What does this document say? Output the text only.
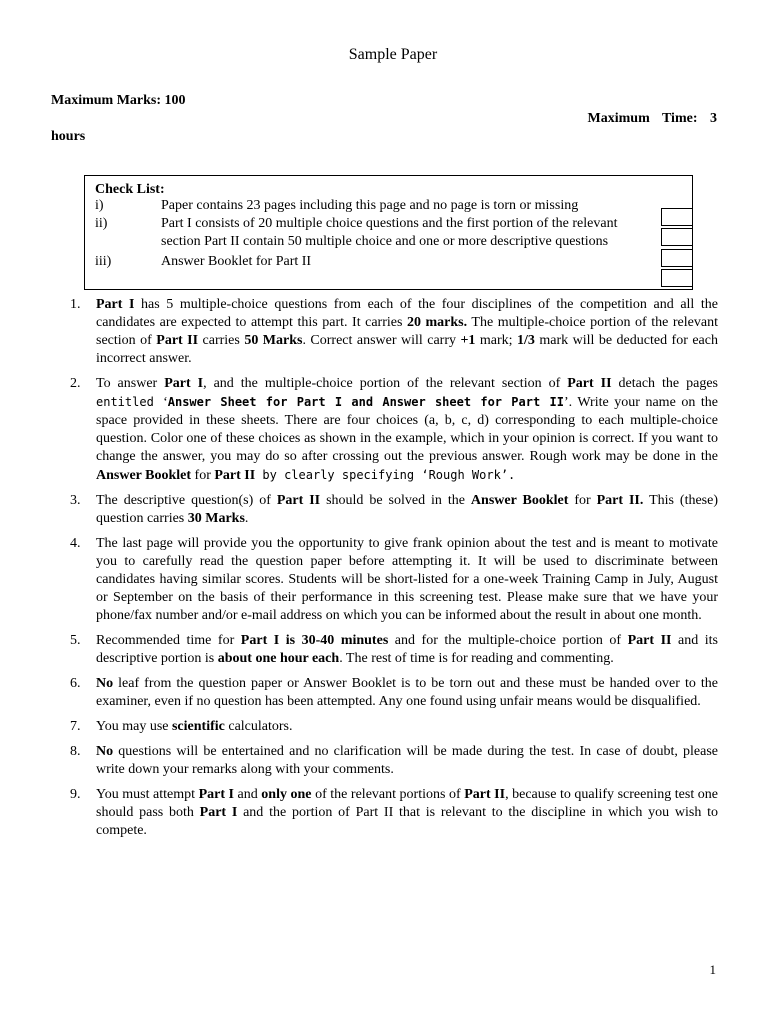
Sample Paper
Maximum Marks: 100
Maximum Time: 3
hours
Check List:
i)	Paper contains 23 pages including this page and no page is torn or missing
ii)	Part I consists of 20 multiple choice questions and the first portion of the relevant section Part II contain 50 multiple choice and one or more descriptive questions
iii)	Answer Booklet for Part II
1.	Part I has 5 multiple-choice questions from each of the four disciplines of the competition and all the candidates are expected to attempt this part. It carries 20 marks. The multiple-choice portion of the relevant section of Part II carries 50 Marks. Correct answer will carry +1 mark; 1/3 mark will be deducted for each incorrect answer.
2.	To answer Part I, and the multiple-choice portion of the relevant section of Part II detach the pages entitled ‘Answer Sheet for Part I and Answer sheet for Part II’. Write your name on the space provided in these sheets. There are four choices (a, b, c, d) corresponding to each multiple-choice question. Color one of these choices as shown in the example, which in your opinion is correct. If you want to change the answer, you may do so after crossing out the previous answer. Rough work may be done in the Answer Booklet for Part II by clearly specifying ‘Rough Work’.
3.	The descriptive question(s) of Part II should be solved in the Answer Booklet for Part II. This (these) question carries 30 Marks.
4.	The last page will provide you the opportunity to give frank opinion about the test and is meant to motivate you to carefully read the question paper before attempting it. It will be used to discriminate between candidates having similar scores. Students will be short-listed for a one-week Training Camp in July, August or September on the basis of their performance in this screening test. Please make sure that we have your phone/fax number and/or e-mail address on which you can be informed about the result in about one month.
5.	Recommended time for Part I is 30-40 minutes and for the multiple-choice portion of Part II and its descriptive portion is about one hour each. The rest of time is for reading and commenting.
6.	No leaf from the question paper or Answer Booklet is to be torn out and these must be handed over to the examiner, even if no question has been attempted. Any one found using unfair means would be disqualified.
7.	You may use scientific calculators.
8.	No questions will be entertained and no clarification will be made during the test. In case of doubt, please write down your remarks along with your comments.
9.	You must attempt Part I and only one of the relevant portions of Part II, because to qualify screening test one should pass both Part I and the portion of Part II that is relevant to the discipline in which you wish to compete.
1
